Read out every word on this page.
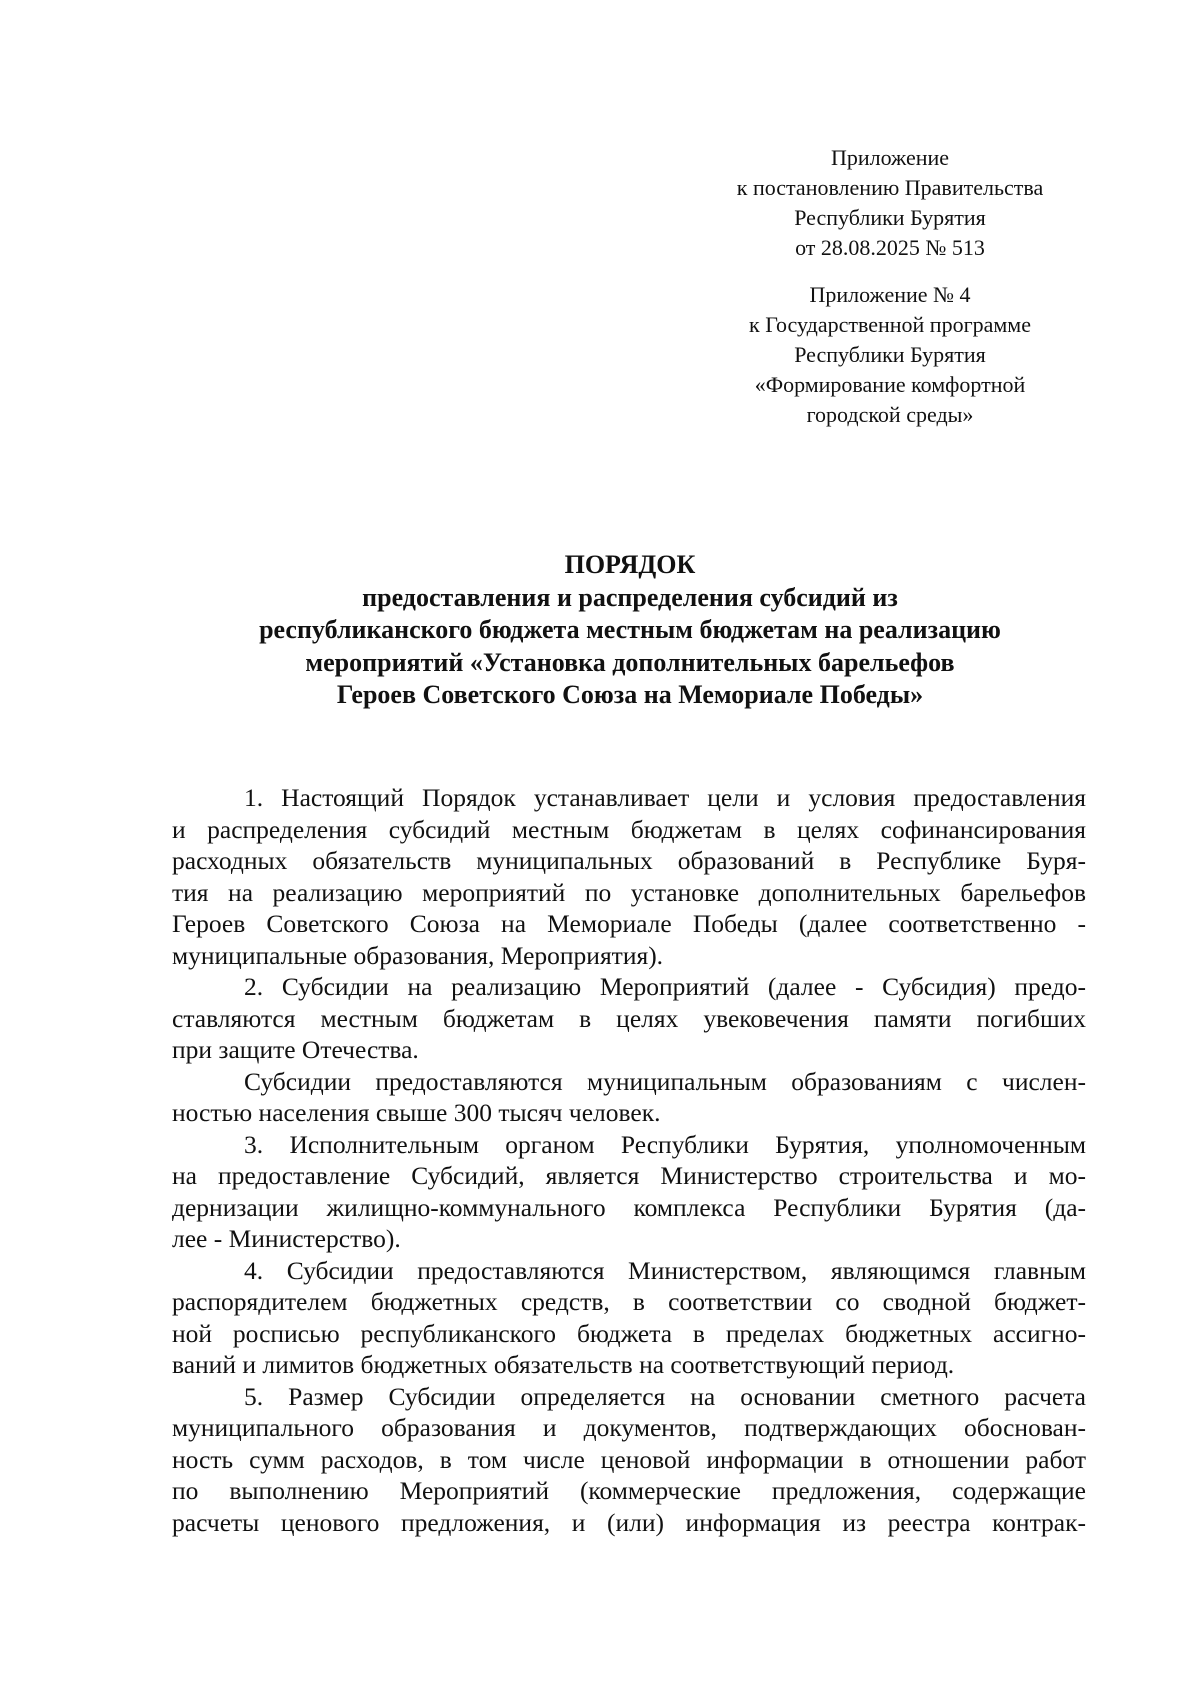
Приложение
к постановлению Правительства
Республики Бурятия
от 28.08.2025 № 513
Приложение № 4
к Государственной программе
Республики Бурятия
«Формирование комфортной
городской среды»
ПОРЯДОК
предоставления и распределения субсидий из
республиканского бюджета местным бюджетам на реализацию
мероприятий «Установка дополнительных барельефов
Героев Советского Союза на Мемориале Победы»
1. Настоящий Порядок устанавливает цели и условия предоставления
и распределения субсидий местным бюджетам в целях софинансирования
расходных обязательств муниципальных образований в Республике Буря-
тия на реализацию мероприятий по установке дополнительных барельефов
Героев Советского Союза на Мемориале Победы (далее соответственно -
муниципальные образования, Мероприятия).
2. Субсидии на реализацию Мероприятий (далее - Субсидия) предо-
ставляются местным бюджетам в целях увековечения памяти погибших
при защите Отечества.
Субсидии предоставляются муниципальным образованиям с числен-
ностью населения свыше 300 тысяч человек.
3. Исполнительным органом Республики Бурятия, уполномоченным
на предоставление Субсидий, является Министерство строительства и мо-
дернизации жилищно-коммунального комплекса Республики Бурятия (да-
лее - Министерство).
4. Субсидии предоставляются Министерством, являющимся главным
распорядителем бюджетных средств, в соответствии со сводной бюджет-
ной росписью республиканского бюджета в пределах бюджетных ассигно-
ваний и лимитов бюджетных обязательств на соответствующий период.
5. Размер Субсидии определяется на основании сметного расчета
муниципального образования и документов, подтверждающих обоснован-
ность сумм расходов, в том числе ценовой информации в отношении работ
по выполнению Мероприятий (коммерческие предложения, содержащие
расчеты ценового предложения, и (или) информация из реестра контрак-
